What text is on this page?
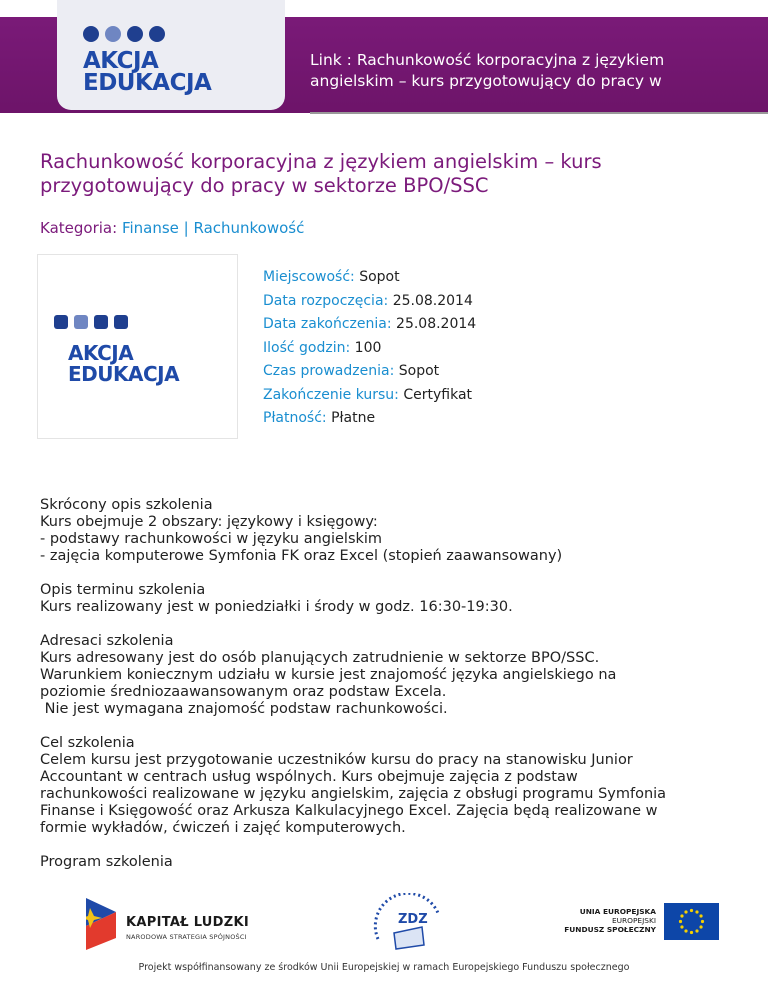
AKCJA
EDUKACJA
Link : Rachunkowość korporacyjna z językiem angielskim – kurs przygotowujący do pracy w
Rachunkowość korporacyjna z językiem angielskim – kurs przygotowujący do pracy w sektorze BPO/SSC
Kategoria: Finanse | Rachunkowość
AKCJA
EDUKACJA
Miejscowość: Sopot
Data rozpoczęcia: 25.08.2014
Data zakończenia: 25.08.2014
Ilość godzin: 100
Czas prowadzenia: Sopot
Zakończenie kursu: Certyfikat
Płatność: Płatne
Skrócony opis szkolenia
Kurs obejmuje 2 obszary: językowy i księgowy:
- podstawy rachunkowości w języku angielskim
- zajęcia komputerowe Symfonia FK oraz Excel (stopień zaawansowany)
Opis terminu szkolenia
Kurs realizowany jest w poniedziałki i środy w godz. 16:30-19:30.
Adresaci szkolenia
Kurs adresowany jest do osób planujących zatrudnienie w sektorze BPO/SSC.
Warunkiem koniecznym udziału w kursie jest znajomość języka angielskiego na
poziomie średniozaawansowanym oraz podstaw Excela.
Nie jest wymagana znajomość podstaw rachunkowości.
Cel szkolenia
Celem kursu jest przygotowanie uczestników kursu do pracy na stanowisku Junior
Accountant w centrach usług wspólnych. Kurs obejmuje zajęcia z podstaw
rachunkowości realizowane w języku angielskim, zajęcia z obsługi programu Symfonia
Finanse i Księgowość oraz Arkusza Kalkulacyjnego Excel. Zajęcia będą realizowane w
formie wykładów, ćwiczeń i zajęć komputerowych.
Program szkolenia
KAPITAŁ LUDZKI
NARODOWA STRATEGIA SPÓJNOŚCI
ZDZ
UNIA EUROPEJSKA
EUROPEJSKI
FUNDUSZ SPOŁECZNY
Projekt współfinansowany ze środków Unii Europejskiej w ramach Europejskiego Funduszu społecznego
